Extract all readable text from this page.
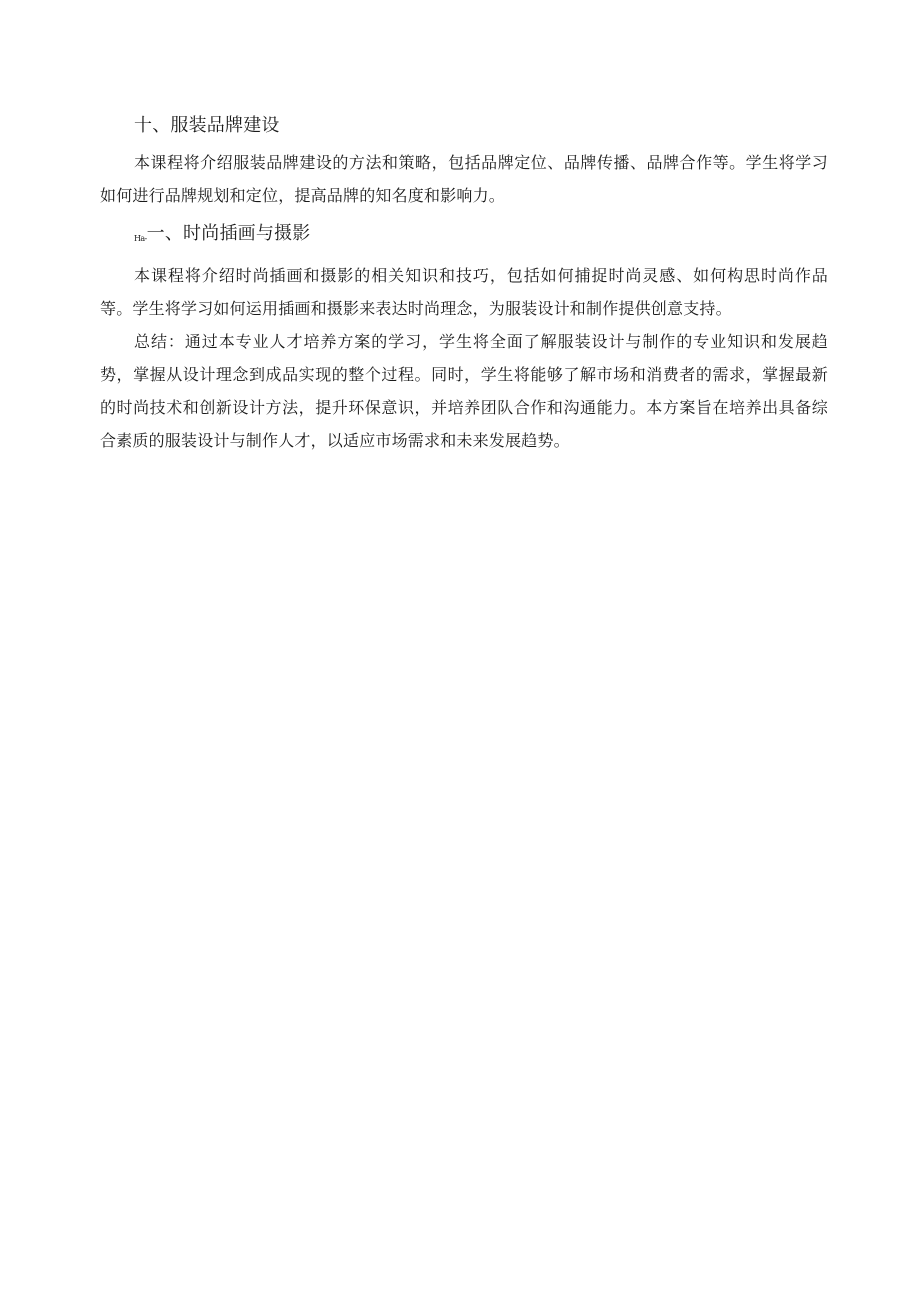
十、服装品牌建设

本课程将介绍服装品牌建设的方法和策略，包括品牌定位、品牌传播、品牌合作等。学生将学习如何进行品牌规划和定位，提高品牌的知名度和影响力。

Ha-一、时尚插画与摄影

本课程将介绍时尚插画和摄影的相关知识和技巧，包括如何捕捉时尚灵感、如何构思时尚作品等。学生将学习如何运用插画和摄影来表达时尚理念，为服装设计和制作提供创意支持。

总结：通过本专业人才培养方案的学习，学生将全面了解服装设计与制作的专业知识和发展趋势，掌握从设计理念到成品实现的整个过程。同时，学生将能够了解市场和消费者的需求，掌握最新的时尚技术和创新设计方法，提升环保意识，并培养团队合作和沟通能力。本方案旨在培养出具备综合素质的服装设计与制作人才，以适应市场需求和未来发展趋势。
